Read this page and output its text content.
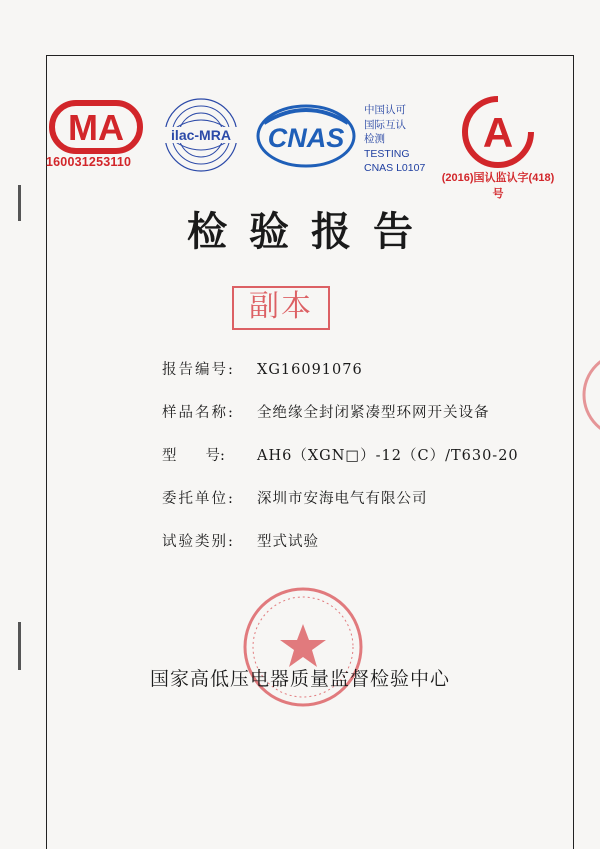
MA
160031253110
ilac-MRA CNAS
中国认可
国际互认
检测
TESTING
CNAS L0107
A
(2016)国认监认字(418)号
检验报告
副本
报告编号: XG16091076
样品名称: 全绝缘全封闭紧凑型环网开关设备
型　　号: AH6（XGN□）-12（C）/T630-20
委托单位: 深圳市安海电气有限公司
试验类别: 型式试验
国家高低压电器质量监督检验中心
